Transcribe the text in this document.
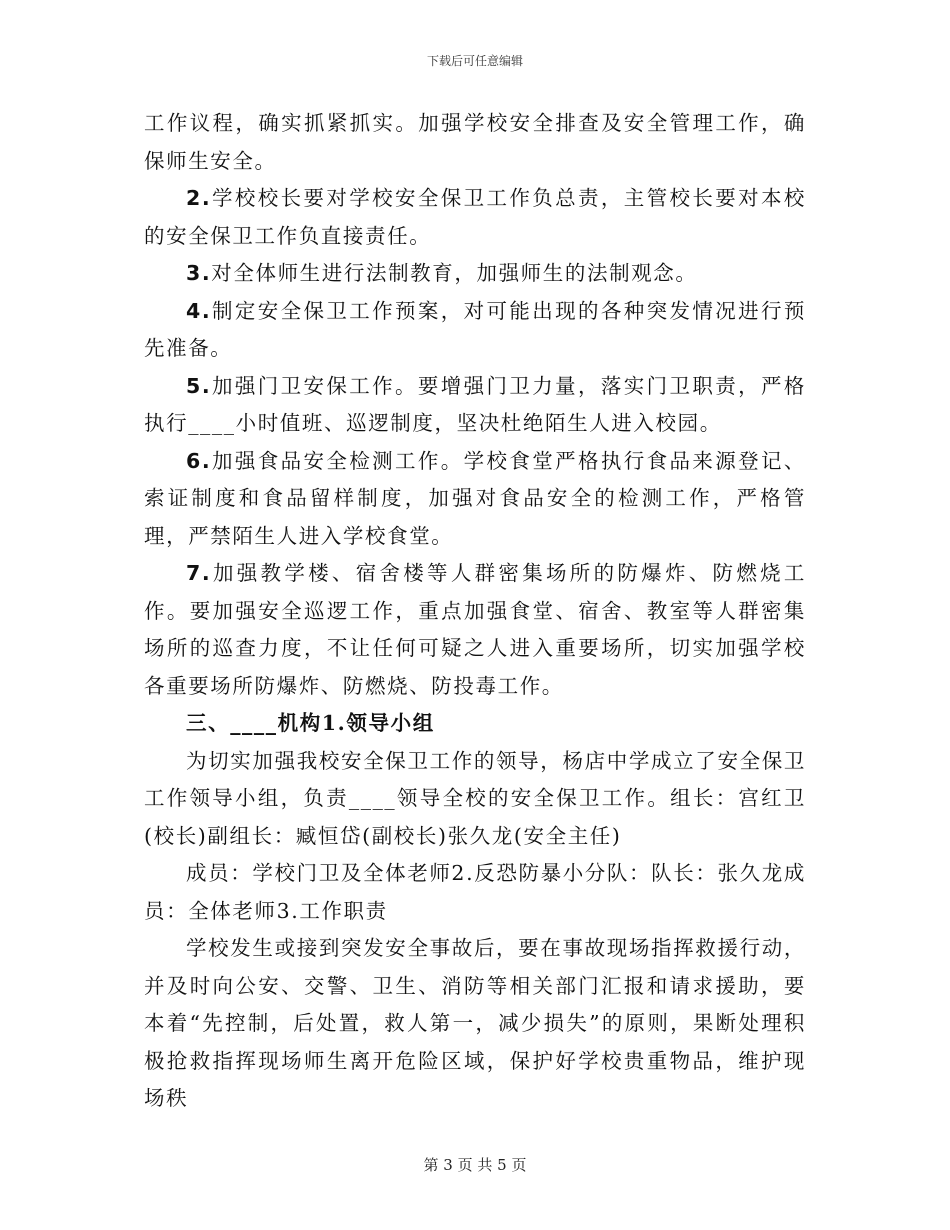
下载后可任意编辑

工作议程，确实抓紧抓实。加强学校安全排查及安全管理工作，确保师生安全。

2.学校校长要对学校安全保卫工作负总责，主管校长要对本校的安全保卫工作负直接责任。

3.对全体师生进行法制教育，加强师生的法制观念。

4.制定安全保卫工作预案，对可能出现的各种突发情况进行预先准备。

5.加强门卫安保工作。要增强门卫力量，落实门卫职责，严格执行____小时值班、巡逻制度，坚决杜绝陌生人进入校园。

6.加强食品安全检测工作。学校食堂严格执行食品来源登记、索证制度和食品留样制度，加强对食品安全的检测工作，严格管理，严禁陌生人进入学校食堂。

7.加强教学楼、宿舍楼等人群密集场所的防爆炸、防燃烧工作。要加强安全巡逻工作，重点加强食堂、宿舍、教室等人群密集场所的巡查力度，不让任何可疑之人进入重要场所，切实加强学校各重要场所防爆炸、防燃烧、防投毒工作。

三、____机构1.领导小组

为切实加强我校安全保卫工作的领导，杨店中学成立了安全保卫工作领导小组，负责____领导全校的安全保卫工作。组长：宫红卫(校长)副组长：臧恒岱(副校长)张久龙(安全主任)

成员：学校门卫及全体老师2.反恐防暴小分队：队长：张久龙成员：全体老师3.工作职责

学校发生或接到突发安全事故后，要在事故现场指挥救援行动，并及时向公安、交警、卫生、消防等相关部门汇报和请求援助，要本着“先控制，后处置，救人第一，减少损失”的原则，果断处理积极抢救指挥现场师生离开危险区域，保护好学校贵重物品，维护现场秩

第 3 页 共 5 页
